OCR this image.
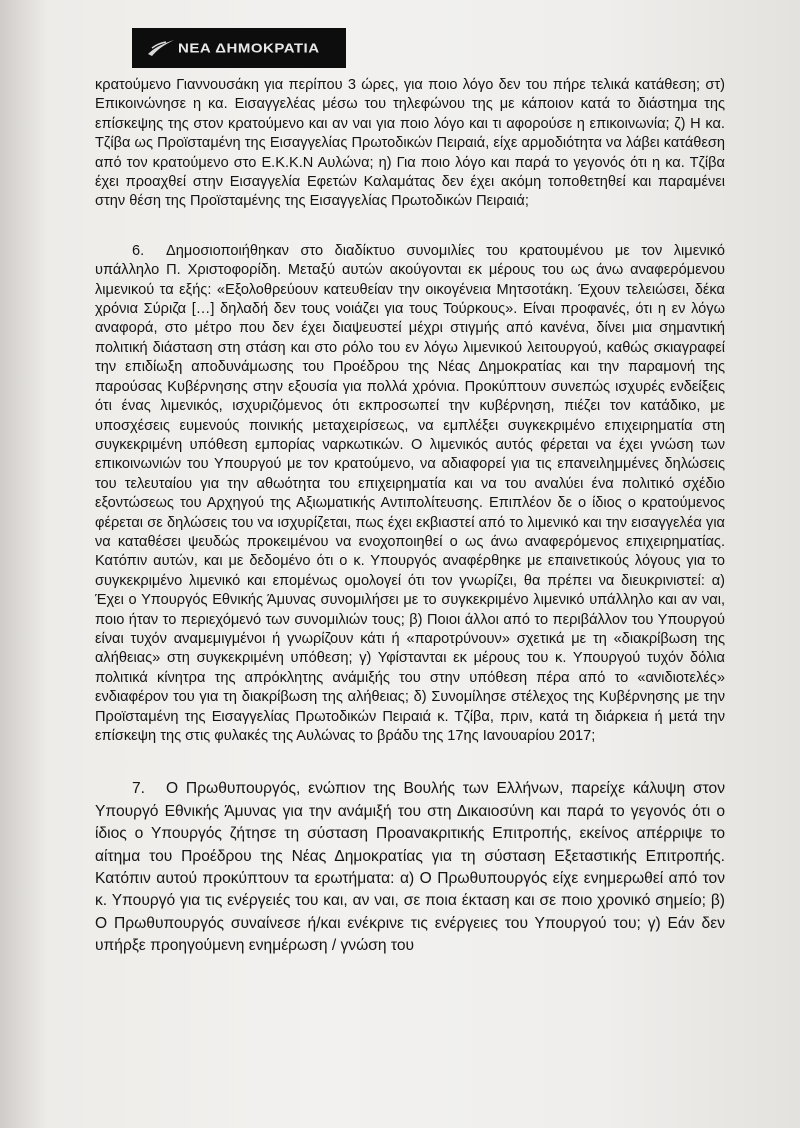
ΝΕΑ ΔΗΜΟΚΡΑΤΙΑ

κρατούμενο Γιαννουσάκη για περίπου 3 ώρες, για ποιο λόγο δεν του πήρε τελικά κατάθεση; στ) Επικοινώνησε η κα. Εισαγγελέας μέσω του τηλεφώνου της με κάποιον κατά το διάστημα της επίσκεψης της στον κρατούμενο και αν ναι για ποιο λόγο και τι αφορούσε η επικοινωνία; ζ) Η κα. Τζίβα ως Προϊσταμένη της Εισαγγελίας Πρωτοδικών Πειραιά, είχε αρμοδιότητα να λάβει κατάθεση από τον κρατούμενο στο Ε.Κ.Κ.Ν Αυλώνα; η) Για ποιο λόγο και παρά το γεγονός ότι η κα. Τζίβα έχει προαχθεί στην Εισαγγελία Εφετών Καλαμάτας δεν έχει ακόμη τοποθετηθεί και παραμένει στην θέση της Προϊσταμένης της Εισαγγελίας Πρωτοδικών Πειραιά;

6. Δημοσιοποιήθηκαν στο διαδίκτυο συνομιλίες του κρατουμένου με τον λιμενικό υπάλληλο Π. Χριστοφορίδη. Μεταξύ αυτών ακούγονται εκ μέρους του ως άνω αναφερόμενου λιμενικού τα εξής: «Εξολοθρεύουν κατευθείαν την οικογένεια Μητσοτάκη. Έχουν τελειώσει, δέκα χρόνια Σύριζα […] δηλαδή δεν τους νοιάζει για τους Τούρκους». Είναι προφανές, ότι η εν λόγω αναφορά, στο μέτρο που δεν έχει διαψευστεί μέχρι στιγμής από κανένα, δίνει μια σημαντική πολιτική διάσταση στη στάση και στο ρόλο του εν λόγω λιμενικού λειτουργού, καθώς σκιαγραφεί την επιδίωξη αποδυνάμωσης του Προέδρου της Νέας Δημοκρατίας και την παραμονή της παρούσας Κυβέρνησης στην εξουσία για πολλά χρόνια. Προκύπτουν συνεπώς ισχυρές ενδείξεις ότι ένας λιμενικός, ισχυριζόμενος ότι εκπροσωπεί την κυβέρνηση, πιέζει τον κατάδικο, με υποσχέσεις ευμενούς ποινικής μεταχειρίσεως, να εμπλέξει συγκεκριμένο επιχειρηματία στη συγκεκριμένη υπόθεση εμπορίας ναρκωτικών. Ο λιμενικός αυτός φέρεται να έχει γνώση των επικοινωνιών του Υπουργού με τον κρατούμενο, να αδιαφορεί για τις επανειλημμένες δηλώσεις του τελευταίου για την αθωότητα του επιχειρηματία και να του αναλύει ένα πολιτικό σχέδιο εξοντώσεως του Αρχηγού της Αξιωματικής Αντιπολίτευσης. Επιπλέον δε ο ίδιος ο κρατούμενος φέρεται σε δηλώσεις του να ισχυρίζεται, πως έχει εκβιαστεί από το λιμενικό και την εισαγγελέα για να καταθέσει ψευδώς προκειμένου να ενοχοποιηθεί ο ως άνω αναφερόμενος επιχειρηματίας. Κατόπιν αυτών, και με δεδομένο ότι ο κ. Υπουργός αναφέρθηκε με επαινετικούς λόγους για το συγκεκριμένο λιμενικό και επομένως ομολογεί ότι τον γνωρίζει, θα πρέπει να διευκρινιστεί: α) Έχει ο Υπουργός Εθνικής Άμυνας συνομιλήσει με το συγκεκριμένο λιμενικό υπάλληλο και αν ναι, ποιο ήταν το περιεχόμενό των συνομιλιών τους; β) Ποιοι άλλοι από το περιβάλλον του Υπουργού είναι τυχόν αναμεμιγμένοι ή γνωρίζουν κάτι ή «παροτρύνουν» σχετικά με τη «διακρίβωση της αλήθειας» στη συγκεκριμένη υπόθεση; γ) Υφίστανται εκ μέρους του κ. Υπουργού τυχόν δόλια πολιτικά κίνητρα της απρόκλητης ανάμιξής του στην υπόθεση πέρα από το «ανιδιοτελές» ενδιαφέρον του για τη διακρίβωση της αλήθειας; δ) Συνομίλησε στέλεχος της Κυβέρνησης με την Προϊσταμένη της Εισαγγελίας Πρωτοδικών Πειραιά κ. Τζίβα, πριν, κατά τη διάρκεια ή μετά την επίσκεψη της στις φυλακές της Αυλώνας το βράδυ της 17ης Ιανουαρίου 2017;

7. Ο Πρωθυπουργός, ενώπιον της Βουλής των Ελλήνων, παρείχε κάλυψη στον Υπουργό Εθνικής Άμυνας για την ανάμιξή του στη Δικαιοσύνη και παρά το γεγονός ότι ο ίδιος ο Υπουργός ζήτησε τη σύσταση Προανακριτικής Επιτροπής, εκείνος απέρριψε το αίτημα του Προέδρου της Νέας Δημοκρατίας για τη σύσταση Εξεταστικής Επιτροπής. Κατόπιν αυτού προκύπτουν τα ερωτήματα: α) Ο Πρωθυπουργός είχε ενημερωθεί από τον κ. Υπουργό για τις ενέργειές του και, αν ναι, σε ποια έκταση και σε ποιο χρονικό σημείο; β) Ο Πρωθυπουργός συναίνεσε ή/και ενέκρινε τις ενέργειες του Υπουργού του; γ) Εάν δεν υπήρξε προηγούμενη ενημέρωση / γνώση του
